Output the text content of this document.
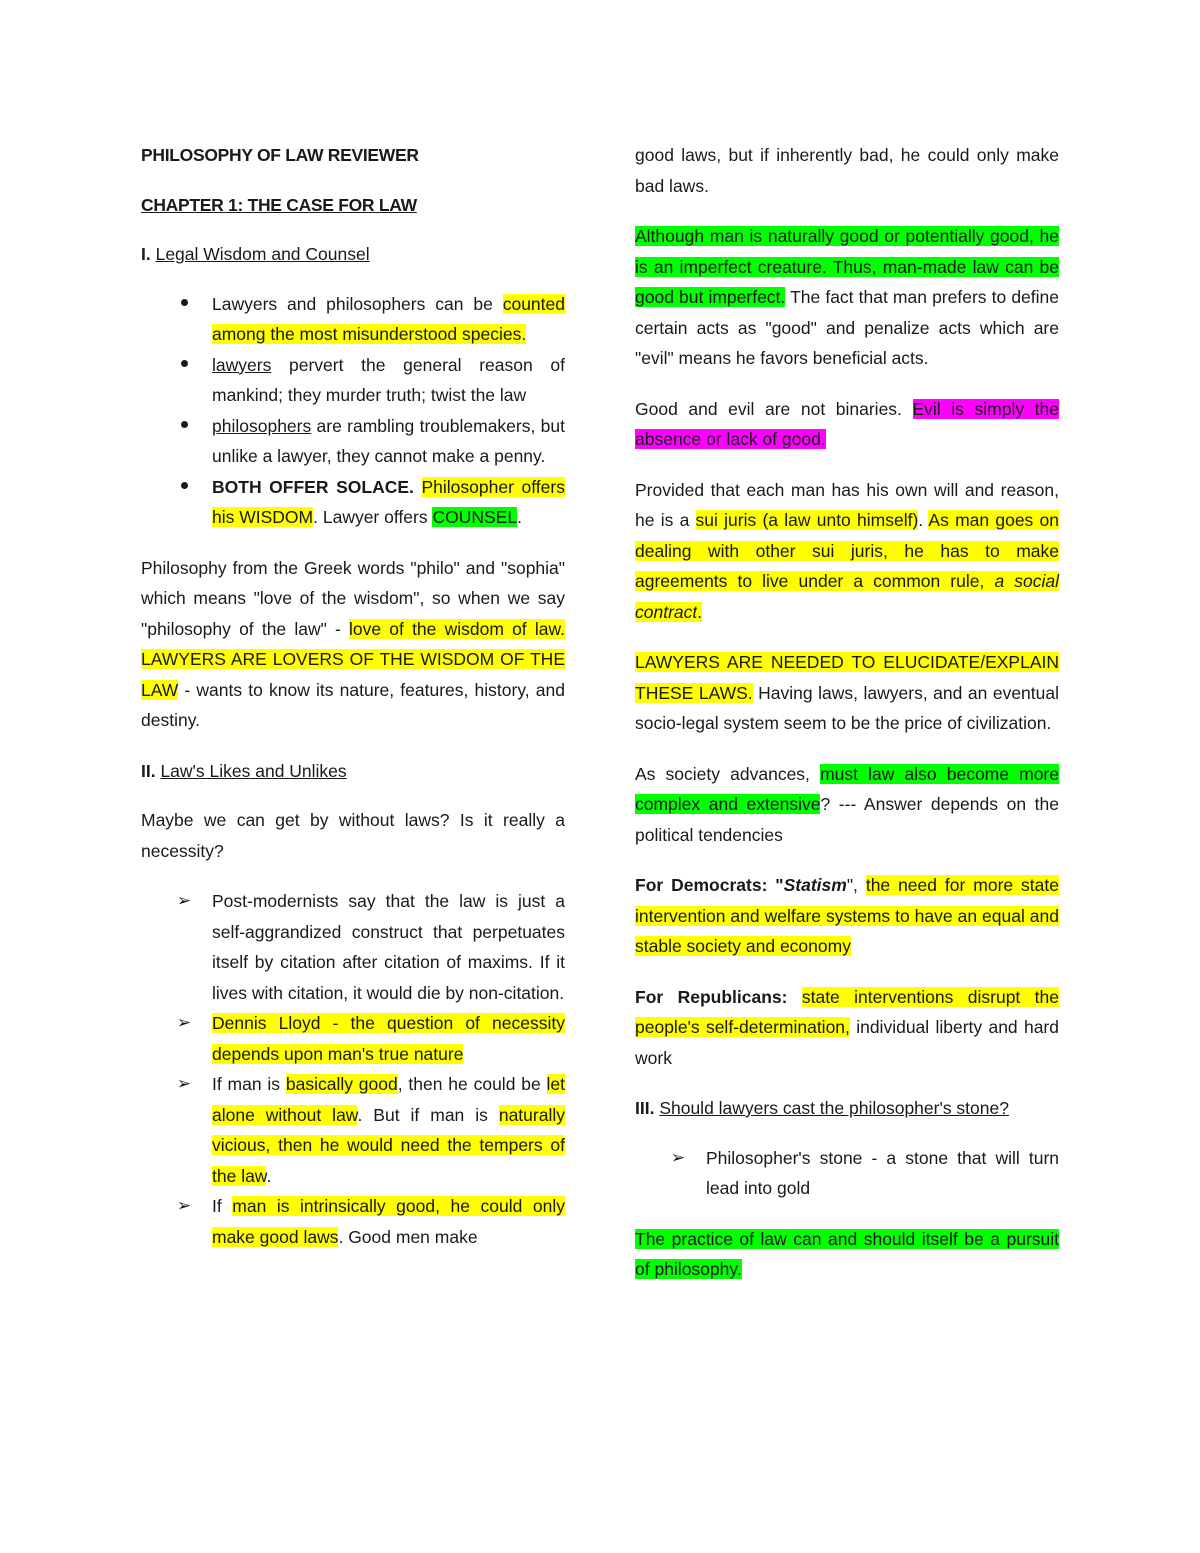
PHILOSOPHY OF LAW REVIEWER

CHAPTER 1: THE CASE FOR LAW

I. Legal Wisdom and Counsel

Lawyers and philosophers can be counted among the most misunderstood species.
lawyers pervert the general reason of mankind; they murder truth; twist the law
philosophers are rambling troublemakers, but unlike a lawyer, they cannot make a penny.
BOTH OFFER SOLACE. Philosopher offers his WISDOM. Lawyer offers COUNSEL.

Philosophy from the Greek words "philo" and "sophia" which means "love of the wisdom", so when we say "philosophy of the law" - love of the wisdom of law. LAWYERS ARE LOVERS OF THE WISDOM OF THE LAW - wants to know its nature, features, history, and destiny.

II. Law's Likes and Unlikes

Maybe we can get by without laws? Is it really a necessity?

➢ Post-modernists say that the law is just a self-aggrandized construct that perpetuates itself by citation after citation of maxims. If it lives with citation, it would die by non-citation.
➢ Dennis Lloyd - the question of necessity depends upon man's true nature
➢ If man is basically good, then he could be let alone without law. But if man is naturally vicious, then he would need the tempers of the law.
➢ If man is intrinsically good, he could only make good laws. Good men make
good laws, but if inherently bad, he could only make bad laws.

Although man is naturally good or potentially good, he is an imperfect creature. Thus, man-made law can be good but imperfect. The fact that man prefers to define certain acts as "good" and penalize acts which are "evil" means he favors beneficial acts.

Good and evil are not binaries. Evil is simply the absence or lack of good.

Provided that each man has his own will and reason, he is a sui juris (a law unto himself). As man goes on dealing with other sui juris, he has to make agreements to live under a common rule, a social contract.

LAWYERS ARE NEEDED TO ELUCIDATE/EXPLAIN THESE LAWS. Having laws, lawyers, and an eventual socio-legal system seem to be the price of civilization.

As society advances, must law also become more complex and extensive? --- Answer depends on the political tendencies

For Democrats: "Statism", the need for more state intervention and welfare systems to have an equal and stable society and economy

For Republicans: state interventions disrupt the people's self-determination, individual liberty and hard work

III. Should lawyers cast the philosopher's stone?

➢ Philosopher's stone - a stone that will turn lead into gold

The practice of law can and should itself be a pursuit of philosophy.
